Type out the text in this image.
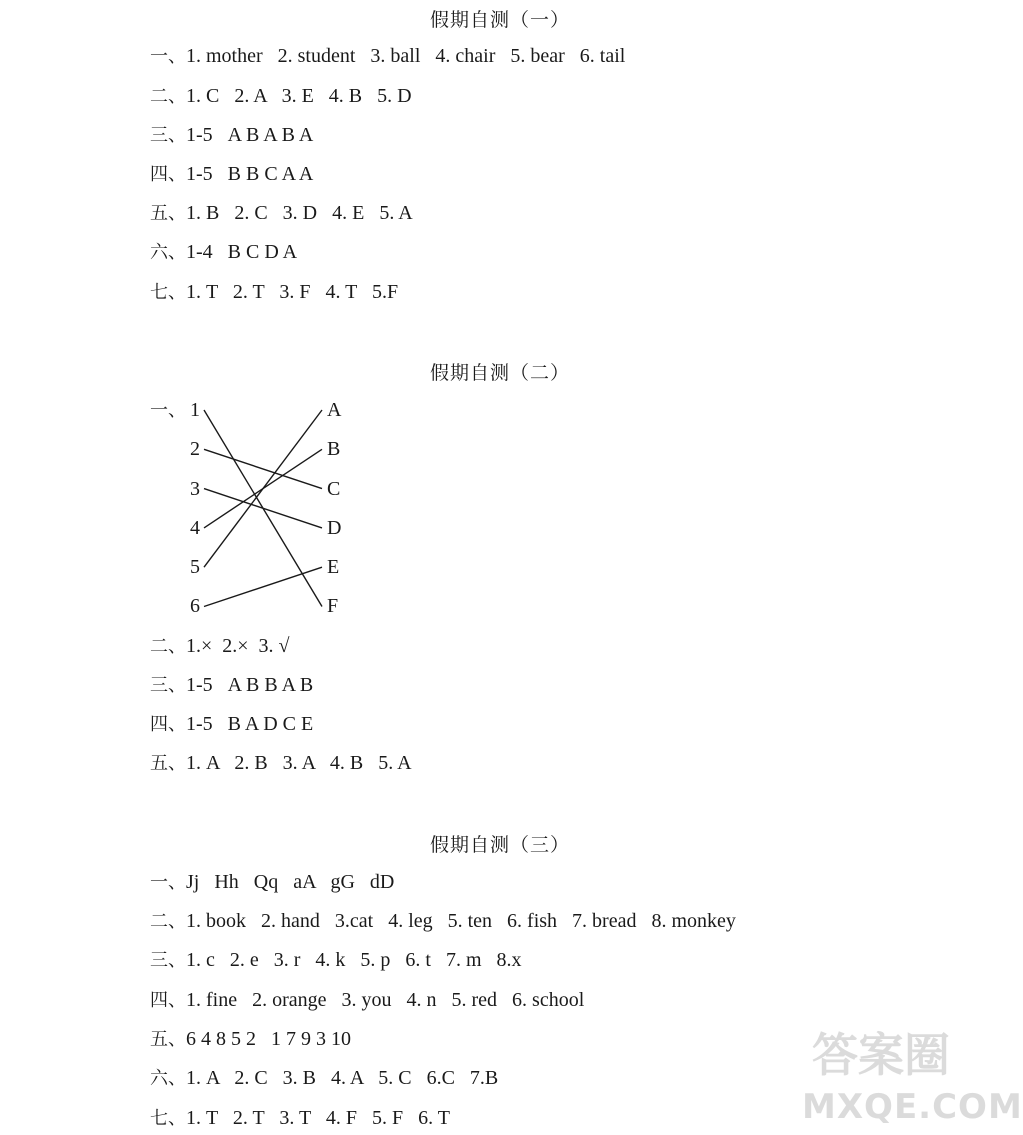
假期自测（一）
一、1. mother   2. student   3. ball   4. chair   5. bear   6. tail
二、1. C   2. A   3. E   4. B   5. D
三、1-5   A B A B A
四、1-5   B B C A A
五、1. B   2. C   3. D   4. E   5. A
六、1-4   B C D A
七、1. T   2. T   3. F   4. T   5.F
假期自测（二）
一、 1
2
3
4
5
6
A
B
C
D
E
F
二、1.×  2.×  3. √
三、1-5   A B B A B
四、1-5   B A D C E
五、1. A   2. B   3. A   4. B   5. A
假期自测（三）
一、Jj   Hh   Qq   aA   gG   dD
二、1. book   2. hand   3.cat   4. leg   5. ten   6. fish   7. bread   8. monkey
三、1. c   2. e   3. r   4. k   5. p   6. t   7. m   8.x
四、1. fine   2. orange   3. you   4. n   5. red   6. school
五、6 4 8 5 2   1 7 9 3 10
六、1. A   2. C   3. B   4. A   5. C   6.C   7.B
七、1. T   2. T   3. T   4. F   5. F   6. T
答案圈
MXQE.COM
